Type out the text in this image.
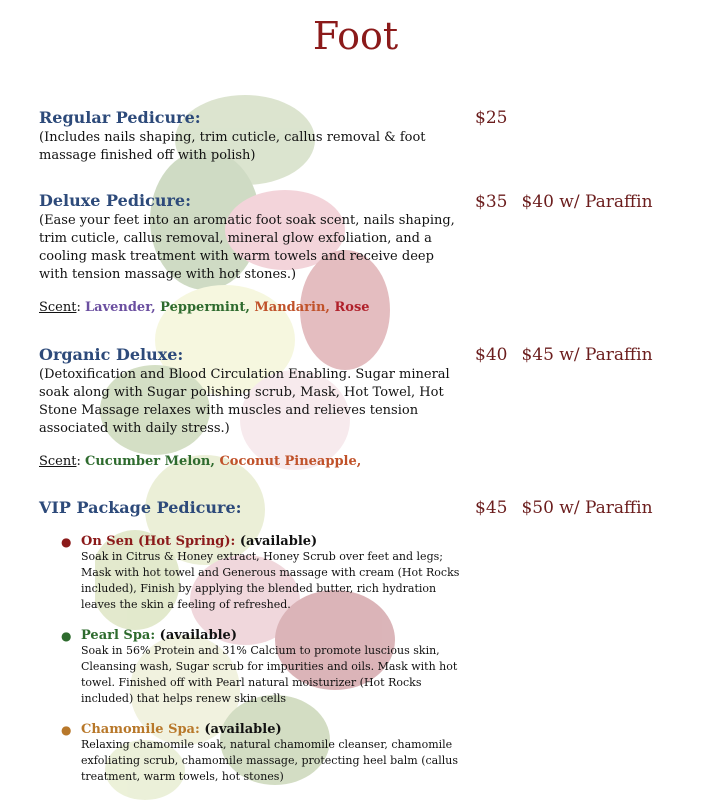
Foot
Regular Pedicure:	$25
(Includes nails shaping, trim cuticle, callus removal & foot massage finished off with polish)
Deluxe Pedicure:	$35 $40 w/ Paraffin
(Ease your feet into an aromatic foot soak scent, nails shaping, trim cuticle, callus removal, mineral glow exfoliation, and a cooling mask treatment with warm towels and receive deep with tension massage with hot stones.)
Scent: Lavender, Peppermint, Mandarin, Rose
Organic Deluxe:	$40 $45 w/ Paraffin
(Detoxification and Blood Circulation Enabling. Sugar mineral soak along with Sugar polishing scrub, Mask, Hot Towel, Hot Stone Massage relaxes with muscles and relieves tension associated with daily stress.)
Scent: Cucumber Melon, Coconut Pineapple,
VIP Package Pedicure:	$45 $50 w/ Paraffin
● On Sen (Hot Spring): (available)
Soak in Citrus & Honey extract, Honey Scrub over feet and legs; Mask with hot towel and Generous massage with cream (Hot Rocks included), Finish by applying the blended butter, rich hydration leaves the skin a feeling of refreshed.
● Pearl Spa: (available)
Soak in 56% Protein and 31% Calcium to promote luscious skin, Cleansing wash, Sugar scrub for impurities and oils. Mask with hot towel. Finished off with Pearl natural moisturizer (Hot Rocks included) that helps renew skin cells
● Chamomile Spa: (available)
Relaxing chamomile soak, natural chamomile cleanser, chamomile exfoliating scrub, chamomile massage, protecting heel balm (callus treatment, warm towels, hot stones)
